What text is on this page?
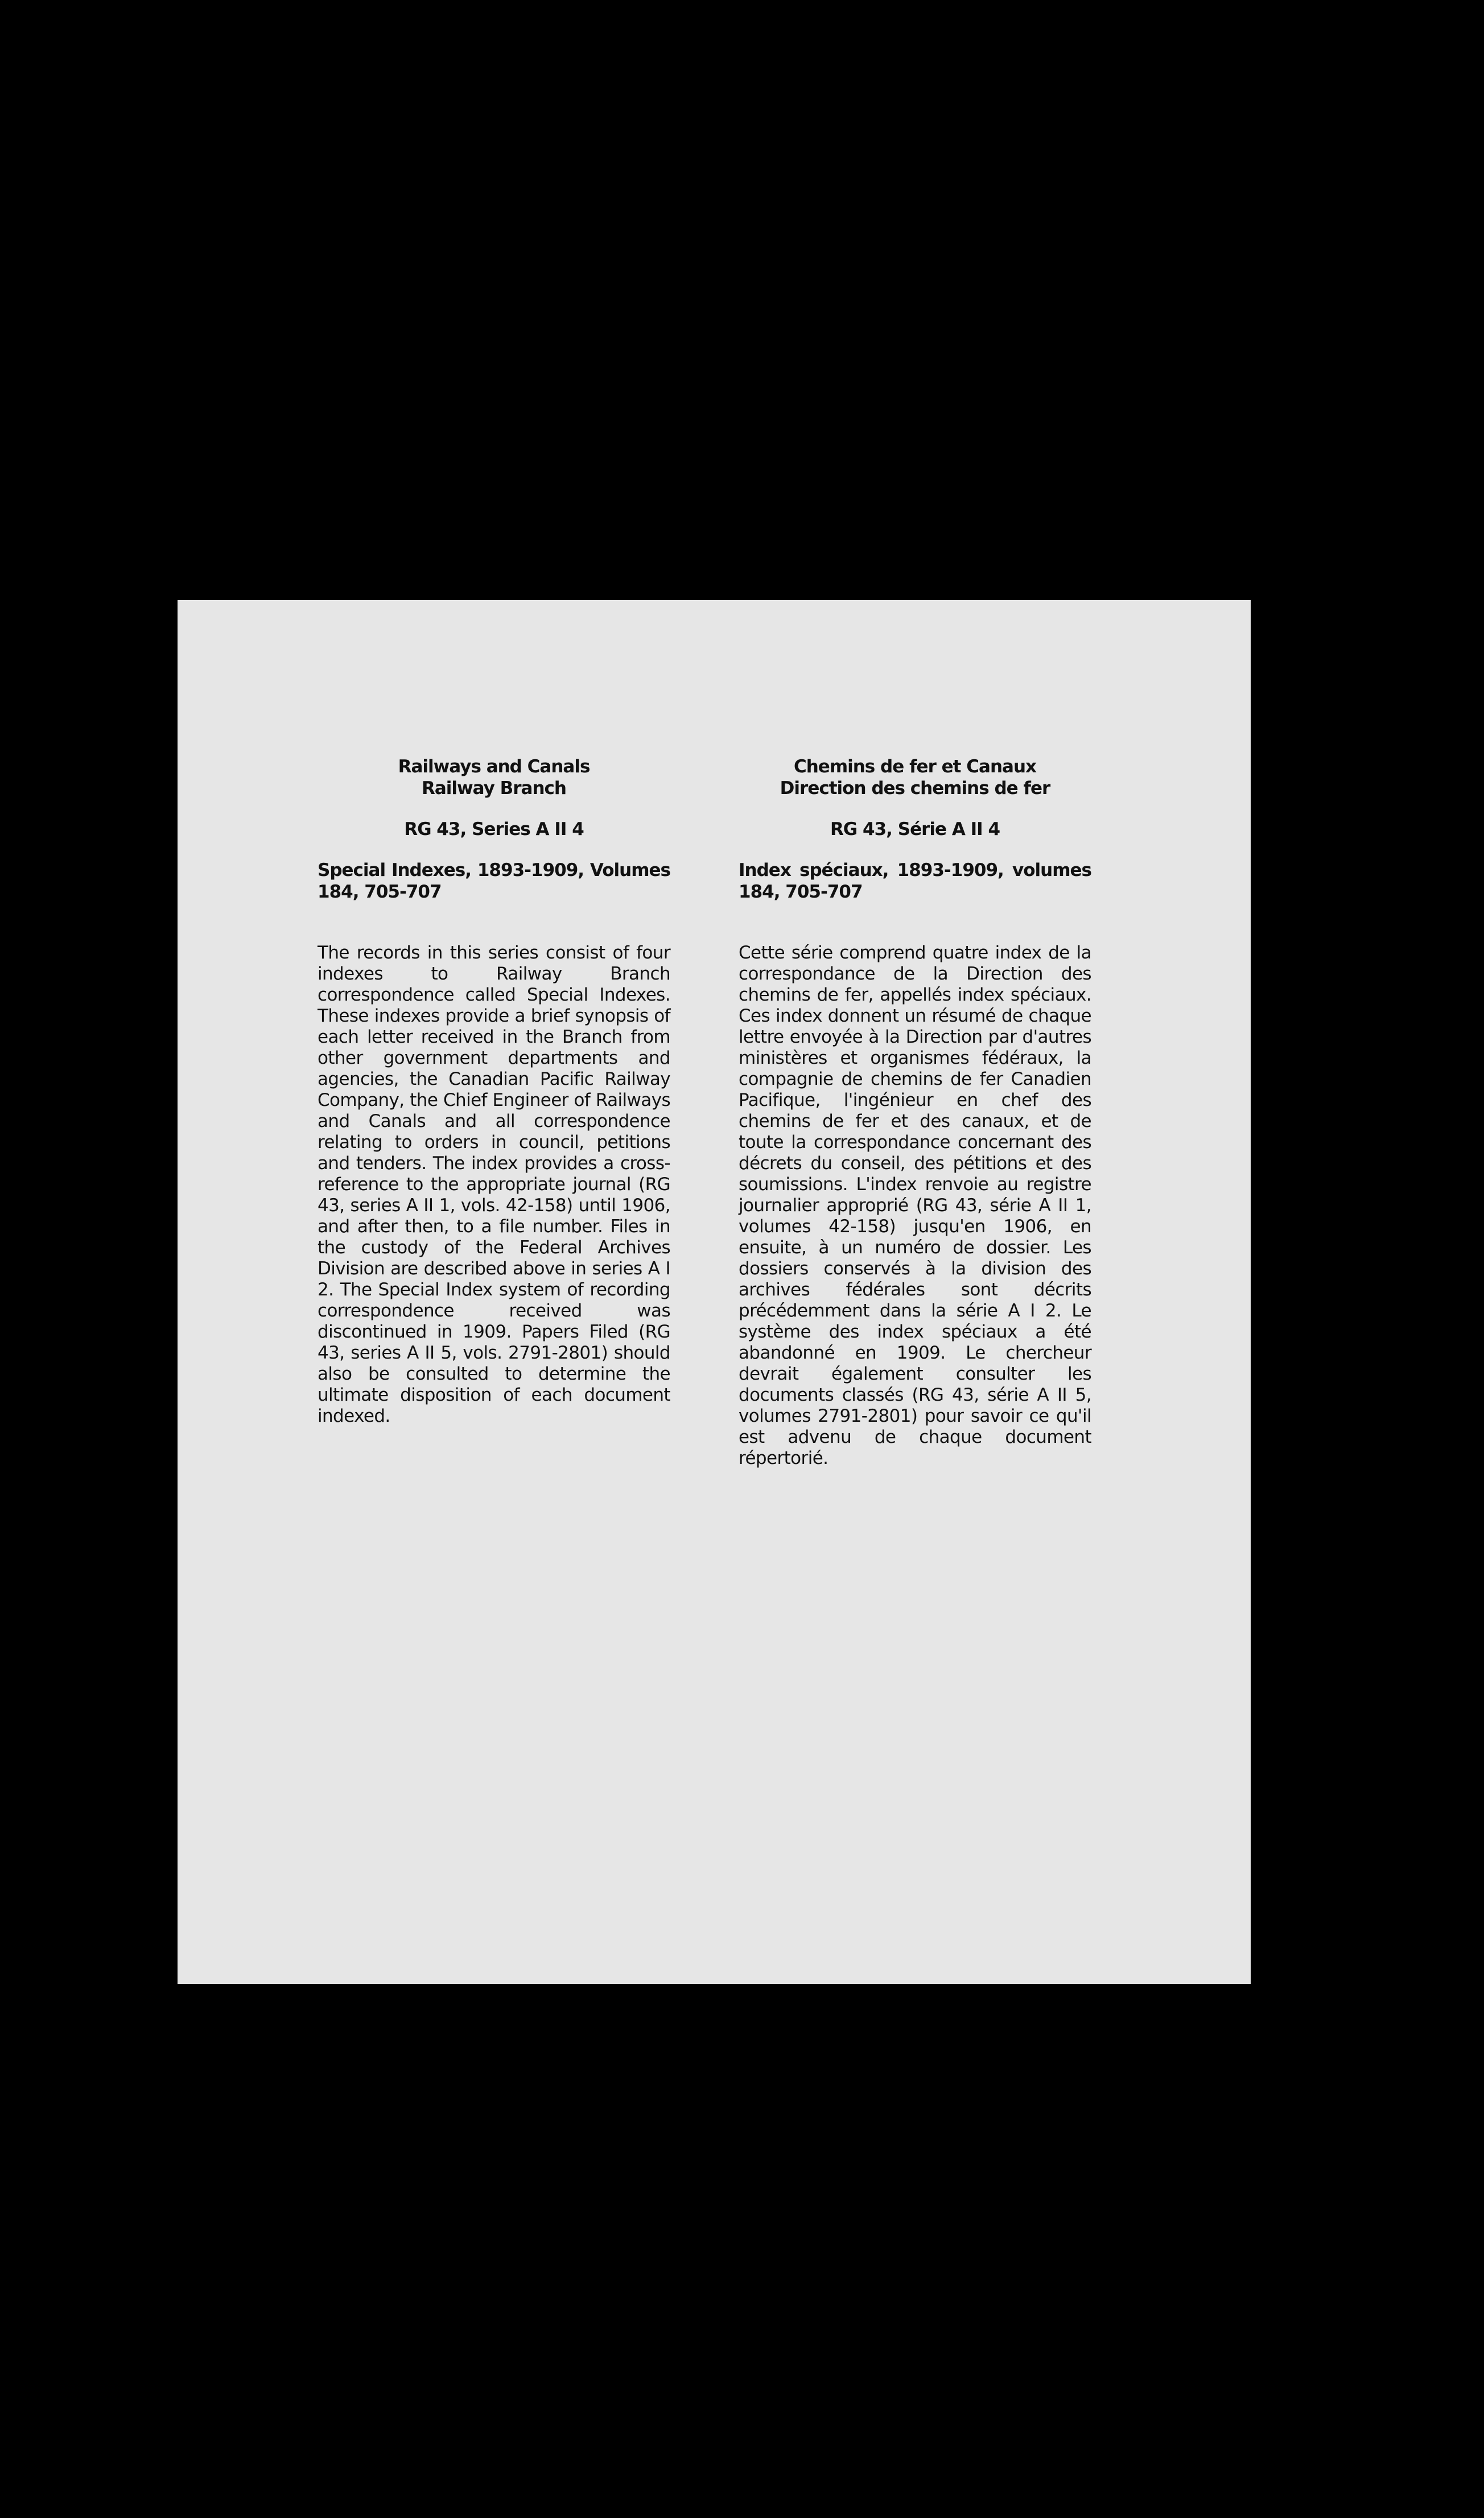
Railways and Canals
Railway Branch

RG 43, Series A II 4

Special Indexes, 1893-1909, Volumes 184, 705-707

The records in this series consist of four indexes to Railway Branch correspondence called Special Indexes. These indexes provide a brief synopsis of each letter received in the Branch from other government departments and agencies, the Canadian Pacific Railway Company, the Chief Engineer of Railways and Canals and all correspondence relating to orders in council, petitions and tenders. The index provides a cross-reference to the appropriate journal (RG 43, series A II 1, vols. 42-158) until 1906, and after then, to a file number. Files in the custody of the Federal Archives Division are described above in series A I 2. The Special Index system of recording correspondence received was discontinued in 1909. Papers Filed (RG 43, series A II 5, vols. 2791-2801) should also be consulted to determine the ultimate disposition of each document indexed.

Chemins de fer et Canaux
Direction des chemins de fer

RG 43, Série A II 4

Index spéciaux, 1893-1909, volumes 184, 705-707

Cette série comprend quatre index de la correspondance de la Direction des chemins de fer, appellés index spéciaux. Ces index donnent un résumé de chaque lettre envoyée à la Direction par d'autres ministères et organismes fédéraux, la compagnie de chemins de fer Canadien Pacifique, l'ingénieur en chef des chemins de fer et des canaux, et de toute la correspondance concernant des décrets du conseil, des pétitions et des soumissions. L'index renvoie au registre journalier approprié (RG 43, série A II 1, volumes 42-158) jusqu'en 1906, en ensuite, à un numéro de dossier. Les dossiers conservés à la division des archives fédérales sont décrits précédemment dans la série A I 2. Le système des index spéciaux a été abandonné en 1909. Le chercheur devrait également consulter les documents classés (RG 43, série A II 5, volumes 2791-2801) pour savoir ce qu'il est advenu de chaque document répertorié.
